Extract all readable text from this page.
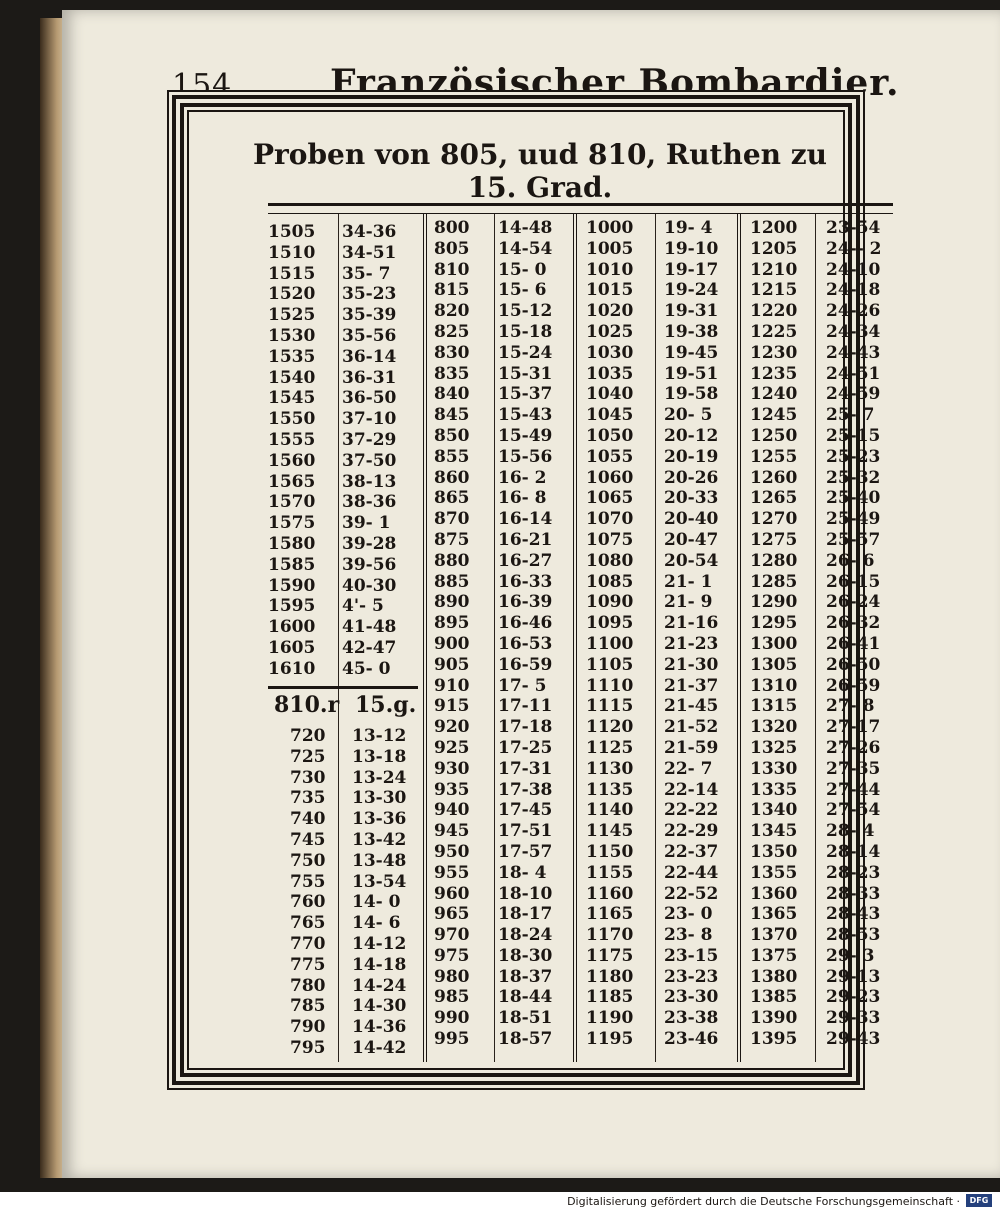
154	Französischer Bombardier.
Proben von 805, uud 810, Ruthen zu 15. Grad.
1505
1510
1515
1520
1525
1530
1535
1540
1545
1550
1555
1560
1565
1570
1575
1580
1585
1590
1595
1600
1605
1610
34-36
34-51
35- 7
35-23
35-39
35-56
36-14
36-31
36-50
37-10
37-29
37-50
38-13
38-36
39- 1
39-28
39-56
40-30
4'- 5
41-48
42-47
45- 0
810.r 15.g.
720
725
730
735
740
745
750
755
760
765
770
775
780
785
790
795
13-12
13-18
13-24
13-30
13-36
13-42
13-48
13-54
14- 0
14- 6
14-12
14-18
14-24
14-30
14-36
14-42
800
805
810
815
820
825
830
835
840
845
850
855
860
865
870
875
880
885
890
895
900
905
910
915
920
925
930
935
940
945
950
955
960
965
970
975
980
985
990
995
14-48
14-54
15- 0
15- 6
15-12
15-18
15-24
15-31
15-37
15-43
15-49
15-56
16- 2
16- 8
16-14
16-21
16-27
16-33
16-39
16-46
16-53
16-59
17- 5
17-11
17-18
17-25
17-31
17-38
17-45
17-51
17-57
18- 4
18-10
18-17
18-24
18-30
18-37
18-44
18-51
18-57
1000
1005
1010
1015
1020
1025
1030
1035
1040
1045
1050
1055
1060
1065
1070
1075
1080
1085
1090
1095
1100
1105
1110
1115
1120
1125
1130
1135
1140
1145
1150
1155
1160
1165
1170
1175
1180
1185
1190
1195
19- 4
19-10
19-17
19-24
19-31
19-38
19-45
19-51
19-58
20- 5
20-12
20-19
20-26
20-33
20-40
20-47
20-54
21- 1
21- 9
21-16
21-23
21-30
21-37
21-45
21-52
21-59
22- 7
22-14
22-22
22-29
22-37
22-44
22-52
23- 0
23- 8
23-15
23-23
23-30
23-38
23-46
1200
1205
1210
1215
1220
1225
1230
1235
1240
1245
1250
1255
1260
1265
1270
1275
1280
1285
1290
1295
1300
1305
1310
1315
1320
1325
1330
1335
1340
1345
1350
1355
1360
1365
1370
1375
1380
1385
1390
1395
23-54
24-- 2
24-10
24-18
24-26
24-34
24-43
24-51
24-59
25- 7
25-15
25-23
25-32
25-40
25-49
25-57
26- 6
26-15
26-24
26-32
26-41
26-50
26-59
27- 8
27-17
27-26
27-35
27-44
27-54
28- 4
28-14
28-23
28-33
28-43
28-53
29- 3
29-13
29-23
29-33
29-43
Digitalisierung gefördert durch die Deutsche Forschungsgemeinschaft ·	DFG
